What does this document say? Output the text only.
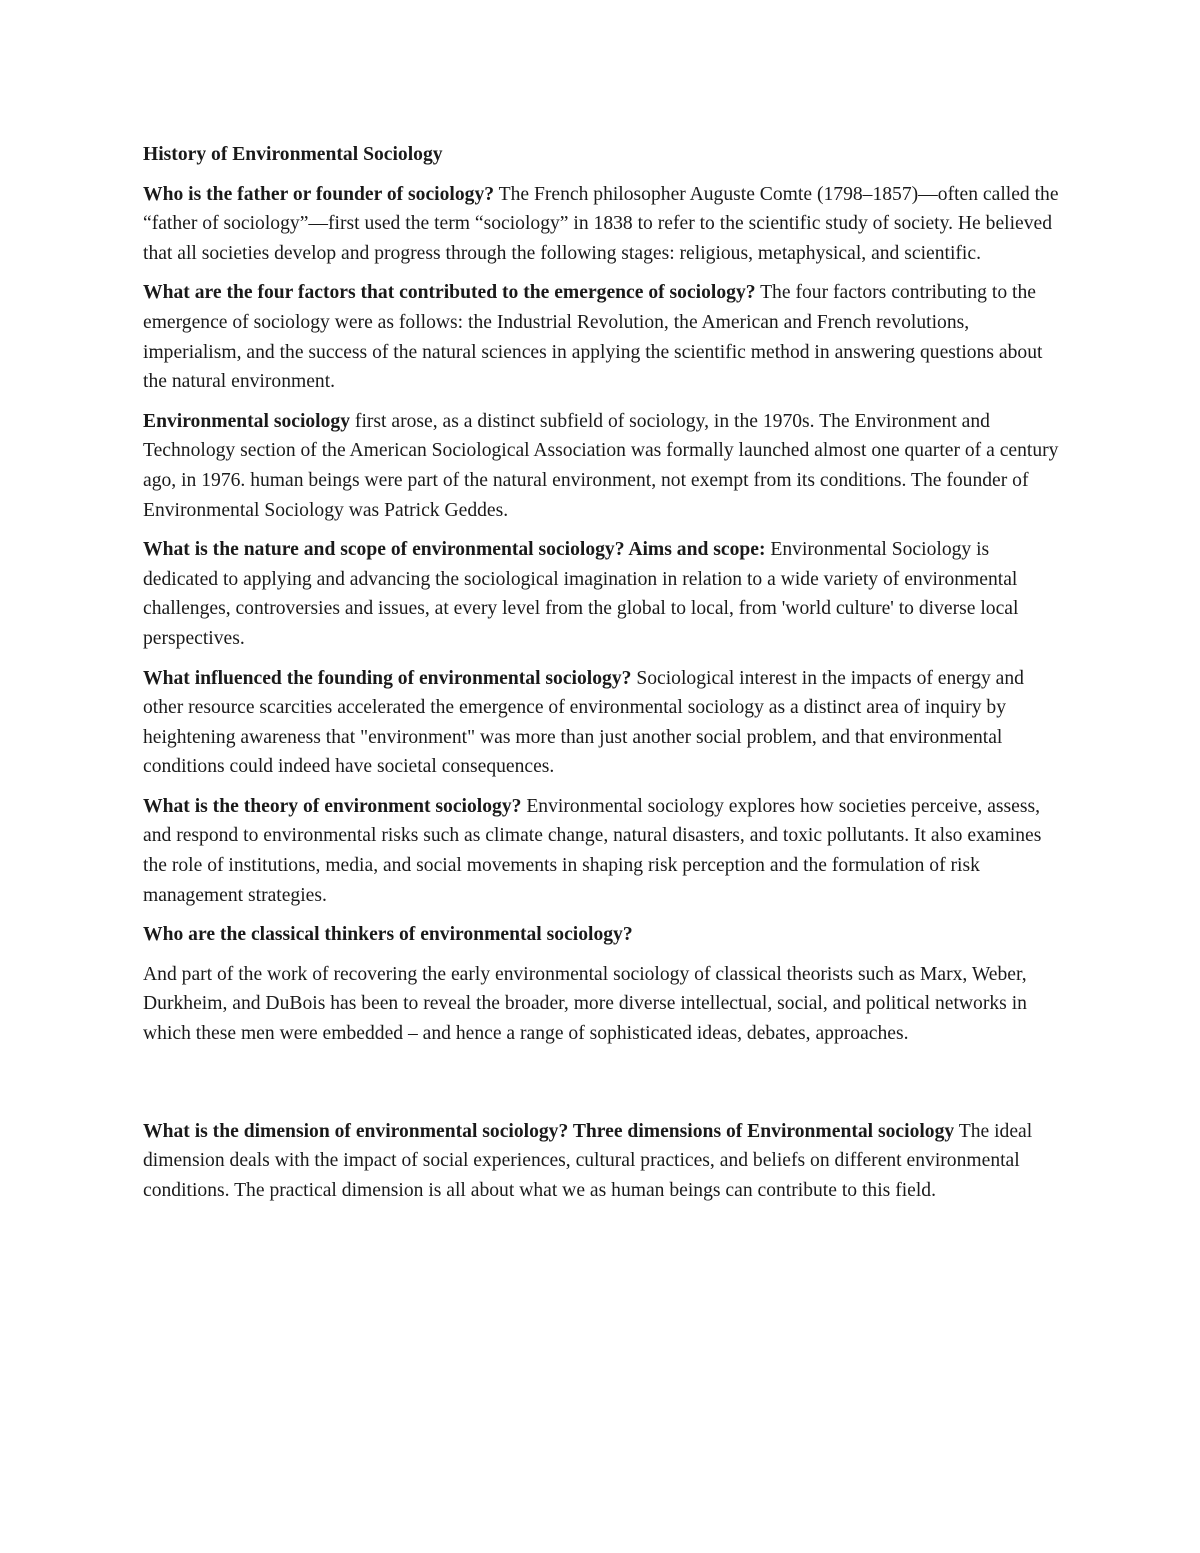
History of Environmental Sociology

Who is the father or founder of sociology? The French philosopher Auguste Comte (1798–1857)—often called the “father of sociology”—first used the term “sociology” in 1838 to refer to the scientific study of society. He believed that all societies develop and progress through the following stages: religious, metaphysical, and scientific.

What are the four factors that contributed to the emergence of sociology? The four factors contributing to the emergence of sociology were as follows: the Industrial Revolution, the American and French revolutions, imperialism, and the success of the natural sciences in applying the scientific method in answering questions about the natural environment.

Environmental sociology first arose, as a distinct subfield of sociology, in the 1970s. The Environment and Technology section of the American Sociological Association was formally launched almost one quarter of a century ago, in 1976. human beings were part of the natural environment, not exempt from its conditions. The founder of Environmental Sociology was Patrick Geddes.

What is the nature and scope of environmental sociology? Aims and scope: Environmental Sociology is dedicated to applying and advancing the sociological imagination in relation to a wide variety of environmental challenges, controversies and issues, at every level from the global to local, from 'world culture' to diverse local perspectives.

What influenced the founding of environmental sociology? Sociological interest in the impacts of energy and other resource scarcities accelerated the emergence of environmental sociology as a distinct area of inquiry by heightening awareness that "environment" was more than just another social problem, and that environmental conditions could indeed have societal consequences.

What is the theory of environment sociology? Environmental sociology explores how societies perceive, assess, and respond to environmental risks such as climate change, natural disasters, and toxic pollutants. It also examines the role of institutions, media, and social movements in shaping risk perception and the formulation of risk management strategies.

Who are the classical thinkers of environmental sociology?

And part of the work of recovering the early environmental sociology of classical theorists such as Marx, Weber, Durkheim, and DuBois has been to reveal the broader, more diverse intellectual, social, and political networks in which these men were embedded – and hence a range of sophisticated ideas, debates, approaches.

What is the dimension of environmental sociology? Three dimensions of Environmental sociology The ideal dimension deals with the impact of social experiences, cultural practices, and beliefs on different environmental conditions. The practical dimension is all about what we as human beings can contribute to this field.
